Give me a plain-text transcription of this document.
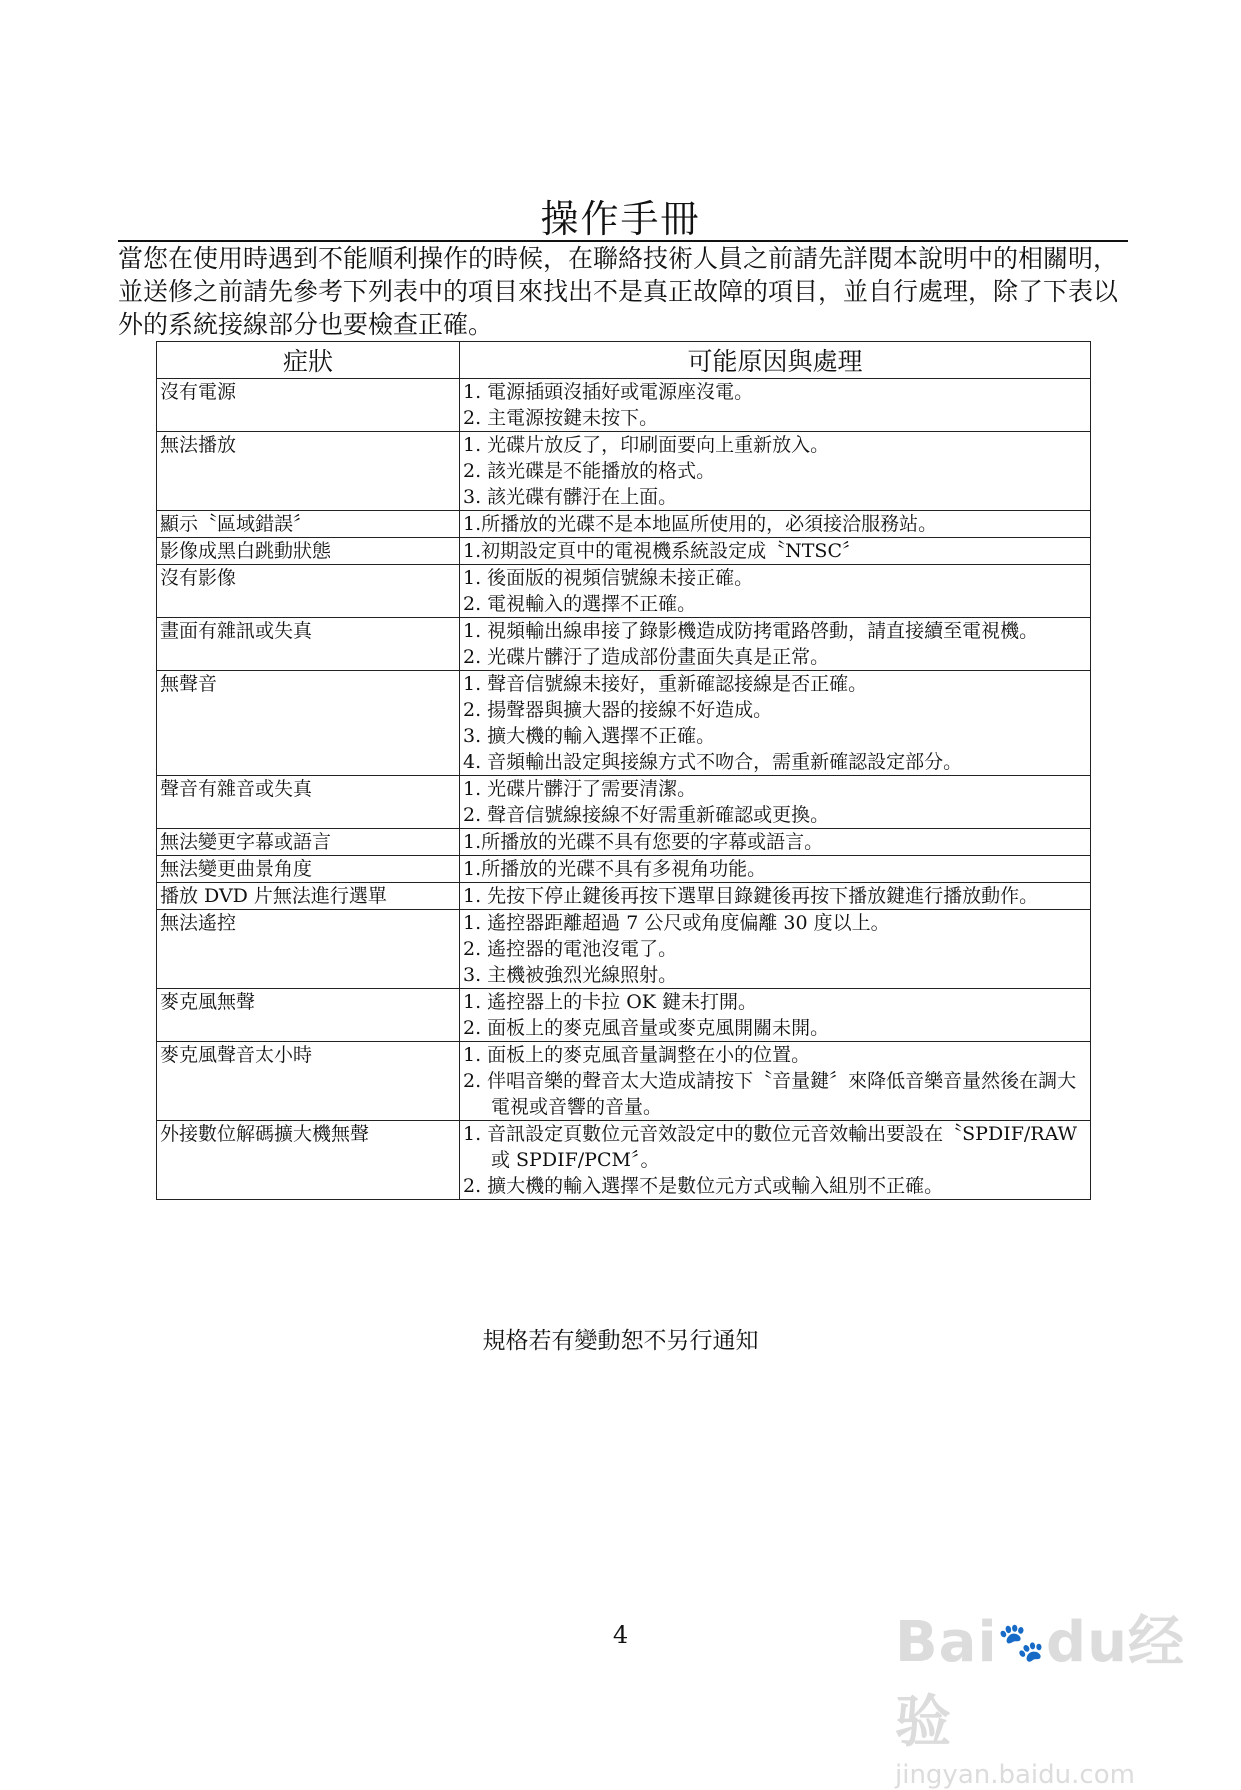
操作手冊

當您在使用時遇到不能順利操作的時候，在聯絡技術人員之前請先詳閱本說明中的相關明，

並送修之前請先參考下列表中的項目來找出不是真正故障的項目，並自行處理，除了下表以

外的系統接線部分也要檢查正確。

症狀	可能原因與處理
沒有電源	1. 電源插頭沒插好或電源座沒電。
2. 主電源按鍵未按下。

無法播放	1. 光碟片放反了，印刷面要向上重新放入。
2. 該光碟是不能播放的格式。
3. 該光碟有髒汙在上面。

顯示〝區域錯誤〞	1.所播放的光碟不是本地區所使用的，必須接洽服務站。

影像成黑白跳動狀態	1.初期設定頁中的電視機系統設定成〝NTSC〞

沒有影像	1. 後面版的視頻信號線未接正確。
2. 電視輸入的選擇不正確。

畫面有雜訊或失真	1. 視頻輸出線串接了錄影機造成防拷電路啓動，請直接續至電視機。
2. 光碟片髒汙了造成部份畫面失真是正常。

無聲音	1. 聲音信號線未接好，重新確認接線是否正確。
2. 揚聲器與擴大器的接線不好造成。
3. 擴大機的輸入選擇不正確。
4. 音頻輸出設定與接線方式不吻合，需重新確認設定部分。

聲音有雜音或失真	1. 光碟片髒汙了需要清潔。
2. 聲音信號線接線不好需重新確認或更換。

無法變更字幕或語言	1.所播放的光碟不具有您要的字幕或語言。

無法變更曲景角度	1.所播放的光碟不具有多視角功能。

播放 DVD 片無法進行選單	1. 先按下停止鍵後再按下選單目錄鍵後再按下播放鍵進行播放動作。

無法遙控	1. 遙控器距離超過 7 公尺或角度偏離 30 度以上。
2. 遙控器的電池沒電了。
3. 主機被強烈光線照射。

麥克風無聲	1. 遙控器上的卡拉 OK 鍵未打開。
2. 面板上的麥克風音量或麥克風開關未開。

麥克風聲音太小時	1. 面板上的麥克風音量調整在小的位置。
2. 伴唱音樂的聲音太大造成請按下〝音量鍵〞來降低音樂音量然後在調大電視或音響的音量。

外接數位解碼擴大機無聲	1. 音訊設定頁數位元音效設定中的數位元音效輸出要設在〝SPDIF/RAW 或 SPDIF/PCM〞。
2. 擴大機的輸入選擇不是數位元方式或輸入組別不正確。
規格若有變動恕不另行通知
4	Bai🐾du经验
jingyan.baidu.com
